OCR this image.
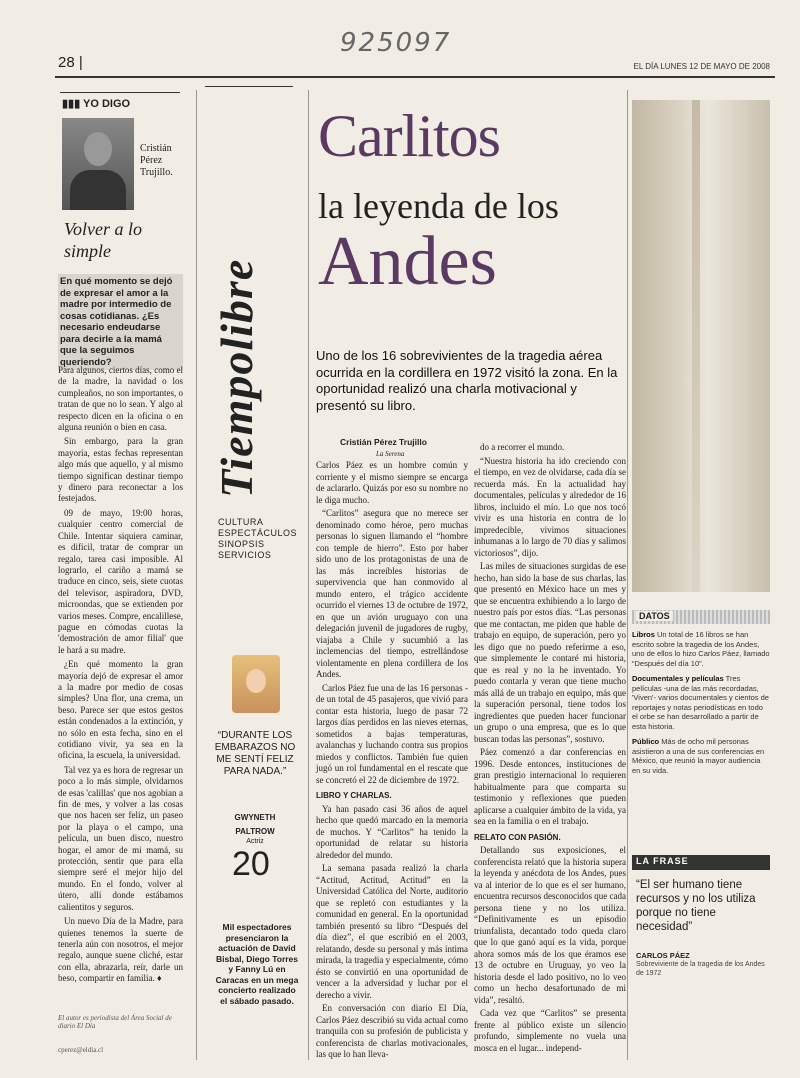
925097
28 |	EL DÍA LUNES 12 DE MAYO DE 2008
▮▮▮ YO DIGO
Cristián Pérez Trujillo.
Volver a lo simple
En qué momento se dejó de expresar el amor a la madre por intermedio de cosas cotidianas. ¿Es necesario endeudarse para decirle a la mamá que la seguimos queriendo?

Para algunos, ciertos días, como el de la madre, la navidad o los cumpleaños, no son importantes, o tratan de que no lo sean. Y algo al respecto dicen en la oficina o en alguna reunión o bien en casa.

Sin embargo, para la gran mayoría, estas fechas representan algo más que aquello, y al mismo tiempo significan destinar tiempo y dinero para reconectar a los festejados.

09 de mayo, 19:00 horas, cualquier centro comercial de Chile. Intentar siquiera caminar, es difícil, tratar de comprar un regalo, tarea casi imposible. Al lograrlo, el cariño a mamá se traduce en cinco, seis, siete cuotas del televisor, aspiradora, DVD, microondas, que se extienden por varios meses. Compre, encalillese, pague en cómodas cuotas la 'demostración de amor filial' que le hará a su madre.

¿En qué momento la gran mayoría dejó de expresar el amor a la madre por medio de cosas simples? Una flor, una crema, un beso. Parece ser que estos gestos están condenados a la extinción, y no sólo en esta fecha, sino en el cotidiano vivir, ya sea en la oficina, la escuela, la universidad.

Tal vez ya es hora de regresar un poco a lo más simple, olvidarnos de esas 'calillas' que nos agobian a fin de mes, y volver a las cosas que nos hacen ser feliz, un paseo por la playa o el campo, una película, un buen disco, nuestro hogar, el amor de mi mamá, su protección, sentir que para ella siempre seré el mejor hijo del mundo. En el fondo, volver al útero, allí donde estábamos calientitos y seguros.

Un nuevo Día de la Madre, para quienes tenemos la suerte de tenerla aún con nosotros, el mejor regalo, aunque suene cliché, estar con ella, abrazarla, reír, darle un beso, compartir en familia. ♦

El autor es periodista del Área Social de diario El Día
cperez@eldia.cl
Tiempolibre
CULTURA
ESPECTÁCULOS
SINOPSIS
SERVICIOS
“DURANTE LOS EMBARAZOS NO ME SENTÍ FELIZ PARA NADA.”
GWYNETH
PALTROW
Actriz
20
Mil espectadores presenciaron la actuación de David Bisbal, Diego Torres y Fanny Lú en Caracas en un mega concierto realizado el sábado pasado.
Carlitos
la leyenda de los
Andes
Uno de los 16 sobrevivientes de la tragedia aérea ocurrida en la cordillera en 1972 visitó la zona. En la oportunidad realizó una charla motivacional y presentó su libro.
Cristián Pérez Trujillo
La Serena

Carlos Páez es un hombre común y corriente y el mismo siempre se encarga de aclararlo. Quizás por eso su nombre no le diga mucho.

“Carlitos” asegura que no merece ser denominado como héroe, pero muchas personas lo siguen llamando el “hombre con temple de hierro”. Esto por haber sido uno de los protagonistas de una de las más increíbles historias de supervivencia que han conmovido al mundo entero, el trágico accidente ocurrido el viernes 13 de octubre de 1972, en que un avión uruguayo con una delegación juvenil de jugadores de rugby, viajaba a Chile y sucumbió a las inclemencias del tiempo, estrellándose violentamente en plena cordillera de los Andes.

Carlos Páez fue una de las 16 personas -de un total de 45 pasajeros, que vivió para contar esta historia, luego de pasar 72 largos días perdidos en las nieves eternas, sometidos a bajas temperaturas, avalanchas y luchando contra sus propios miedos y conflictos. También fue quien jugó un rol fundamental en el rescate que se concretó el 22 de diciembre de 1972.

LIBRO Y CHARLAS.

Ya han pasado casi 36 años de aquel hecho que quedó marcado en la memoria de muchos. Y “Carlitos” ha tenido la oportunidad de relatar su historia alrededor del mundo.

La semana pasada realizó la charla “Actitud, Actitud, Actitud” en la Universidad Católica del Norte, auditorio que se repletó con estudiantes y la comunidad en general. En la oportunidad también presentó su libro “Después del día diez”, el que escribió en el 2003, relatando, desde su personal y más íntima mirada, la tragedia y especialmente, cómo ésto se convirtió en una oportunidad de vencer a la adversidad y luchar por el derecho a vivir.

En conversación con diario El Día, Carlos Páez describió su vida actual como tranquila con su profesión de publicista y conferencista de charlas motivacionales, las que lo han lleva-

do a recorrer el mundo.

“Nuestra historia ha ido creciendo con el tiempo, en vez de olvidarse, cada día se recuerda más. En la actualidad hay documentales, películas y alrededor de 16 libros, incluido el mío. Lo que nos tocó vivir es una historia en contra de lo impredecible, vivimos situaciones inhumanas a lo largo de 70 días y salimos victoriosos”, dijo.

Las miles de situaciones surgidas de ese hecho, han sido la base de sus charlas, las que presentó en México hace un mes y que se encuentra exhibiendo a lo largo de nuestro país por estos días. “Las personas que me contactan, me piden que hable de trabajo en equipo, de superación, pero yo les digo que no puedo referirme a eso, que simplemente le contaré mi historia, que es real y no la he inventado. Yo puedo contarla y veran que tiene mucho más allá de un trabajo en equipo, más que la superación personal, tiene todos los ingredientes que pueden hacer funcionar un grupo o una empresa, que es lo que buscan todas las personas”, sostuvo.

Páez comenzó a dar conferencias en 1996. Desde entonces, instituciones de gran prestigio internacional lo requieren habitualmente para que comparta su testimonio y reflexiones que pueden aplicarse a cualquier ámbito de la vida, ya sea en la familia o en el trabajo.

RELATO CON PASIÓN.

Detallando sus exposiciones, el conferencista relató que la historia supera la leyenda y anécdota de los Andes, pues va al interior de lo que es el ser humano, encuentra recursos desconocidos que cada persona tiene y no los utiliza. “Definitivamente es un episodio triunfalista, decantado todo queda claro que lo que ganó aquí es la vida, porque ahora somos más de los que éramos ese 13 de octubre en Uruguay, yo veo la historia desde el lado positivo, no lo veo como un hecho desafortunado de mi vida”, resaltó.

Cada vez que “Carlitos” se presenta frente al público existe un silencio profundo, simplemente no vuela una mosca en el lugar... independ-

DATOS

Libros Un total de 16 libros se han escrito sobre la tragedia de los Andes, uno de ellos lo hizo Carlos Páez, llamado “Después del día 10”.

Documentales y películas Tres películas -una de las más recordadas, 'Viven'- varios documentales y cientos de reportajes y notas periodísticas en todo el orbe se han desarrollado a partir de esta historia.

Público Más de ocho mil personas asistieron a una de sus conferencias en México, que reunió la mayor audiencia en su vida.

LA FRASE
“El ser humano tiene recursos y no los utiliza porque no tiene necesidad”
CARLOS PÁEZ
Sobreviviente de la tragedia de los Andes de 1972
